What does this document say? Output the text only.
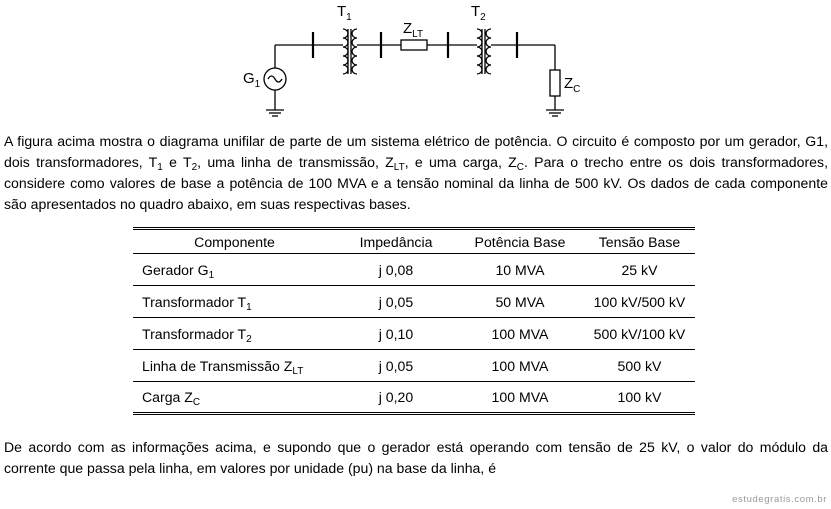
$G_1$
$T_1$
$Z_{LT}$
$T_2$
$Z_C$

A figura acima mostra o diagrama unifilar de parte de um sistema elétrico de potência. O circuito é composto por um gerador, G1, dois transformadores, $T_1$ e $T_2$, uma linha de transmissão, $Z_{LT}$, e uma carga, $Z_C$. Para o trecho entre os dois transformadores, considere como valores de base a potência de 100 MVA e a tensão nominal da linha de 500 kV. Os dados de cada componente são apresentados no quadro abaixo, em suas respectivas bases.

Componente	Impedância	Potência Base	Tensão Base
Gerador $G_1$	j 0,08	10 MVA	25 kV
Transformador $T_1$	j 0,05	50 MVA	100 kV/500 kV
Transformador $T_2$	j 0,10	100 MVA	500 kV/100 kV
Linha de Transmissão $Z_{LT}$	j 0,05	100 MVA	500 kV
Carga $Z_C$	j 0,20	100 MVA	100 kV

De acordo com as informações acima, e supondo que o gerador está operando com tensão de 25 kV, o valor do módulo da corrente que passa pela linha, em valores por unidade (pu) na base da linha, é

estudegratis.com.br
